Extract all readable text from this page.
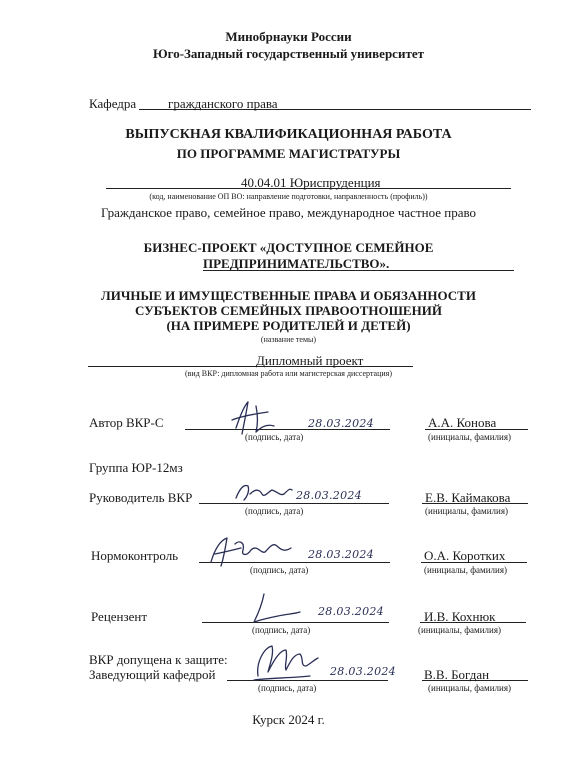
Минобрнауки России
Юго-Западный государственный университет
Кафедра гражданского права
ВЫПУСКНАЯ КВАЛИФИКАЦИОННАЯ РАБОТА
ПО ПРОГРАММЕ МАГИСТРАТУРЫ
40.04.01 Юриспруденция
(код, наименование ОП ВО: направление подготовки, направленность (профиль))
Гражданское право, семейное право, международное частное право
БИЗНЕС-ПРОЕКТ «ДОСТУПНОЕ СЕМЕЙНОЕ
ПРЕДПРИНИМАТЕЛЬСТВО».
ЛИЧНЫЕ И ИМУЩЕСТВЕННЫЕ ПРАВА И ОБЯЗАННОСТИ
СУБЪЕКТОВ СЕМЕЙНЫХ ПРАВООТНОШЕНИЙ
(НА ПРИМЕРЕ РОДИТЕЛЕЙ И ДЕТЕЙ)
(название темы)
Дипломный проект
(вид ВКР: дипломная работа или магистерская диссертация)
Автор ВКР-С	28.03.2024
(подпись, дата)
А.А. Конова
(инициалы, фамилия)
Группа ЮР-12мз
Руководитель ВКР	28.03.2024
(подпись, дата)
Е.В. Каймакова
(инициалы, фамилия)
Нормоконтроль	28.03.2024
(подпись, дата)
О.А. Коротких
(инициалы, фамилия)
Рецензент	28.03.2024
(подпись, дата)
И.В. Кохнюк
(инициалы, фамилия)
ВКР допущена к защите:
Заведующий кафедрой	28.03.2024
(подпись, дата)
В.В. Богдан
(инициалы, фамилия)
Курск 2024 г.
